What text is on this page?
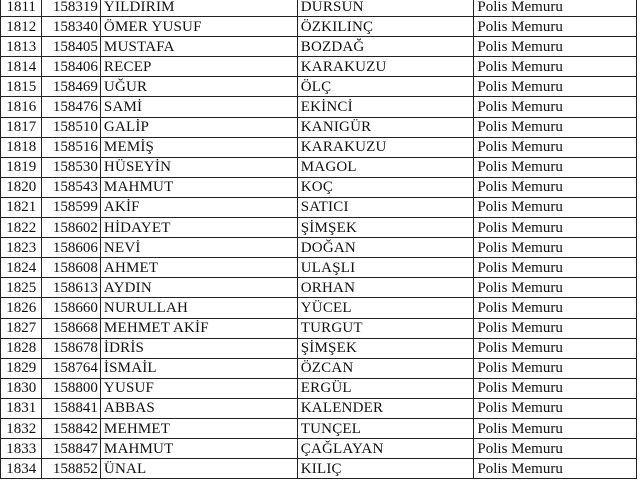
1811	158319	YILDIRIM	DURSUN	Polis Memuru
1812	158340	ÖMER YUSUF	ÖZKILINÇ	Polis Memuru
1813	158405	MUSTAFA	BOZDAĞ	Polis Memuru
1814	158406	RECEP	KARAKUZU	Polis Memuru
1815	158469	UĞUR	ÖLÇ	Polis Memuru
1816	158476	SAMİ	EKİNCİ	Polis Memuru
1817	158510	GALİP	KANIGÜR	Polis Memuru
1818	158516	MEMİŞ	KARAKUZU	Polis Memuru
1819	158530	HÜSEYİN	MAGOL	Polis Memuru
1820	158543	MAHMUT	KOÇ	Polis Memuru
1821	158599	AKİF	SATICI	Polis Memuru
1822	158602	HİDAYET	ŞİMŞEK	Polis Memuru
1823	158606	NEVİ	DOĞAN	Polis Memuru
1824	158608	AHMET	ULAŞLI	Polis Memuru
1825	158613	AYDIN	ORHAN	Polis Memuru
1826	158660	NURULLAH	YÜCEL	Polis Memuru
1827	158668	MEHMET AKİF	TURGUT	Polis Memuru
1828	158678	İDRİS	ŞİMŞEK	Polis Memuru
1829	158764	İSMAİL	ÖZCAN	Polis Memuru
1830	158800	YUSUF	ERGÜL	Polis Memuru
1831	158841	ABBAS	KALENDER	Polis Memuru
1832	158842	MEHMET	TUNÇEL	Polis Memuru
1833	158847	MAHMUT	ÇAĞLAYAN	Polis Memuru
1834	158852	ÜNAL	KILIÇ	Polis Memuru
